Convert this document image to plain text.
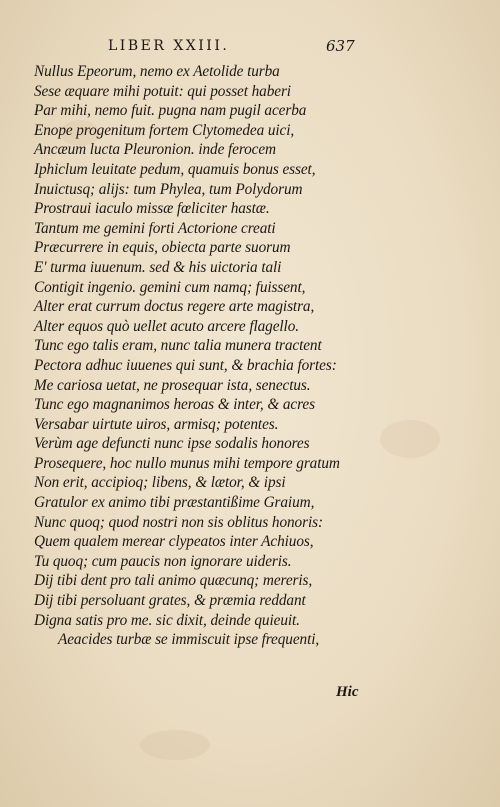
LIBER XXIII.	637
Nullus Epeorum, nemo ex Aetolide turba
Sese æquare mihi potuit: qui posset haberi
Par mihi, nemo fuit. pugna nam pugil acerba
Enope progenitum fortem Clytomedea uici,
Ancæum lucta Pleuronion. inde ferocem
Iphiclum leuitate pedum, quamuis bonus esset,
Inuictusq; alijs: tum Phylea, tum Polydorum
Prostraui iaculo missæ fœliciter hastæ.
Tantum me gemini forti Actorione creati
Præcurrere in equis, obiecta parte suorum
E' turma iuuenum. sed & his uictoria tali
Contigit ingenio. gemini cum namq; fuissent,
Alter erat currum doctus regere arte magistra,
Alter equos quò uellet acuto arcere flagello.
Tunc ego talis eram, nunc talia munera tractent
Pectora adhuc iuuenes qui sunt, & brachia fortes:
Me cariosa uetat, ne prosequar ista, senectus.
Tunc ego magnanimos heroas & inter, & acres
Versabar uirtute uiros, armisq; potentes.
Verùm age defuncti nunc ipse sodalis honores
Prosequere, hoc nullo munus mihi tempore gratum
Non erit, accipioq; libens, & lætor, & ipsi
Gratulor ex animo tibi præstantißime Graium,
Nunc quoq; quod nostri non sis oblitus honoris:
Quem qualem merear clypeatos inter Achiuos,
Tu quoq; cum paucis non ignorare uideris.
Dij tibi dent pro tali animo quæcunq; mereris,
Dij tibi persoluant grates, & præmia reddant
Digna satis pro me. sic dixit, deinde quieuit.
Aeacides turbæ se immiscuit ipse frequenti,
Hic
